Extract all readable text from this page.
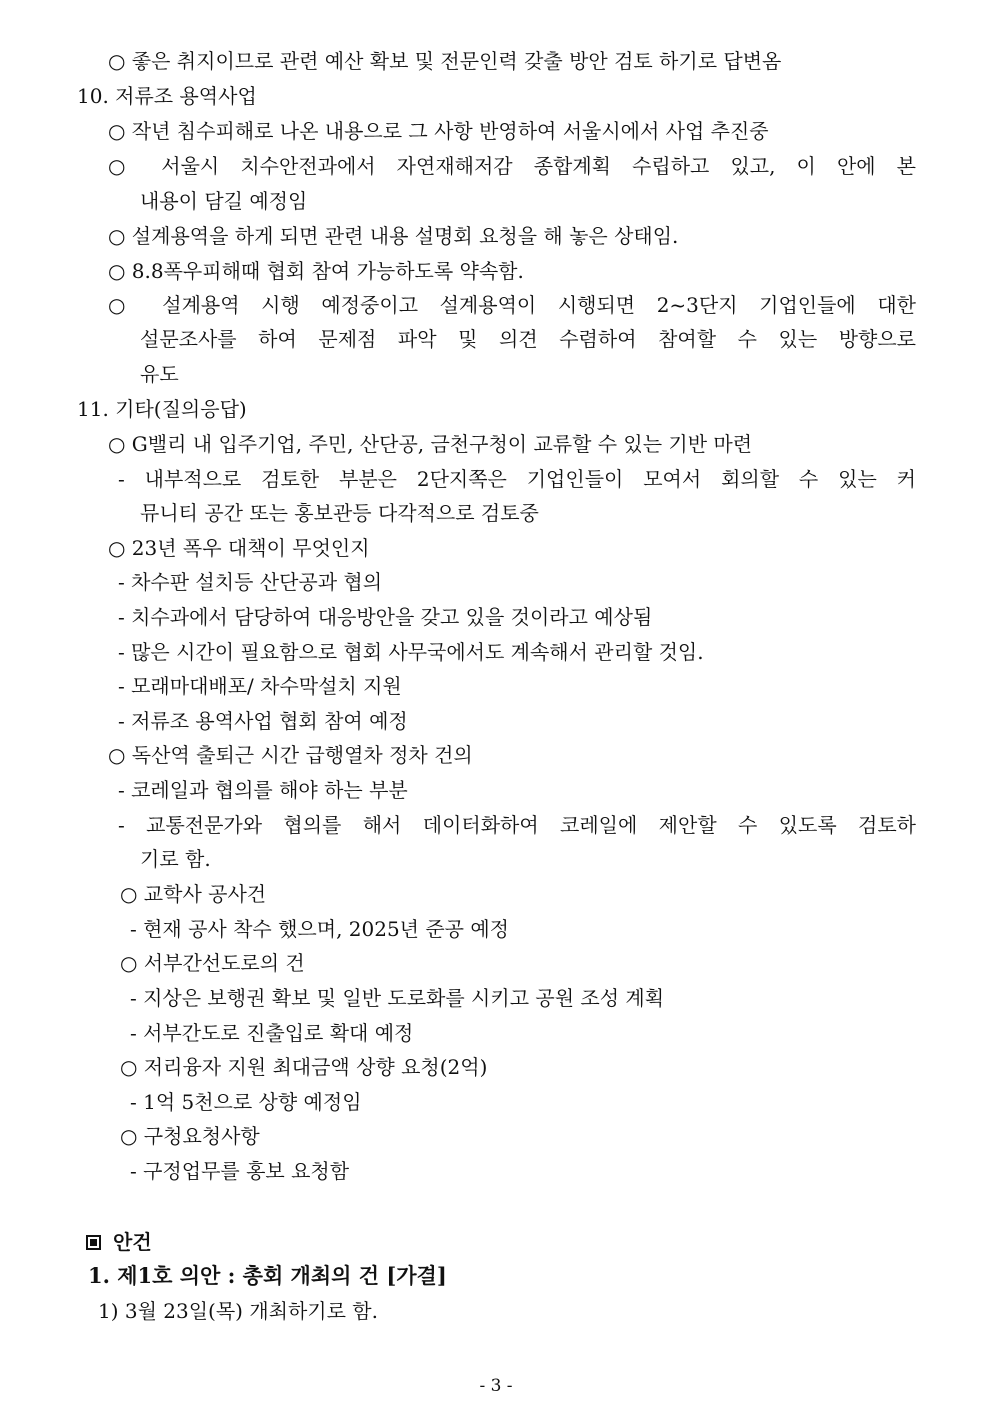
○ 좋은 취지이므로 관련 예산 확보 및 전문인력 갖출 방안 검토 하기로 답변옴
10. 저류조 용역사업
○ 작년 침수피해로 나온 내용으로 그 사항 반영하여 서울시에서 사업 추진중
○ 서울시 치수안전과에서 자연재해저감 종합계획 수립하고 있고, 이 안에 본
내용이 담길 예정임
○ 설계용역을 하게 되면 관련 내용 설명회 요청을 해 놓은 상태임.
○ 8.8폭우피해때 협회 참여 가능하도록 약속함.
○ 설계용역 시행 예정중이고 설계용역이 시행되면 2~3단지 기업인들에 대한
설문조사를 하여 문제점 파악 및 의견 수렴하여 참여할 수 있는 방향으로
유도
11. 기타(질의응답)
○ G밸리 내 입주기업, 주민, 산단공, 금천구청이 교류할 수 있는 기반 마련
- 내부적으로 검토한 부분은 2단지쪽은 기업인들이 모여서 회의할 수 있는 커
뮤니티 공간 또는 홍보관등 다각적으로 검토중
○ 23년 폭우 대책이 무엇인지
- 차수판 설치등 산단공과 협의
- 치수과에서 담당하여 대응방안을 갖고 있을 것이라고 예상됨
- 많은 시간이 필요함으로 협회 사무국에서도 계속해서 관리할 것임.
- 모래마대배포/ 차수막설치 지원
- 저류조 용역사업 협회 참여 예정
○ 독산역 출퇴근 시간 급행열차 정차 건의
- 코레일과 협의를 해야 하는 부분
- 교통전문가와 협의를 해서 데이터화하여 코레일에 제안할 수 있도록 검토하
기로 함.
○ 교학사 공사건
- 현재 공사 착수 했으며, 2025년 준공 예정
○ 서부간선도로의 건
- 지상은 보행권 확보 및 일반 도로화를 시키고 공원 조성 계획
- 서부간도로 진출입로 확대 예정
○ 저리융자 지원 최대금액 상향 요청(2억)
- 1억 5천으로 상향 예정임
○ 구청요청사항
- 구정업무를 홍보 요청함
안건
1. 제1호 의안 : 총회 개최의 건 [가결]
1) 3월 23일(목) 개최하기로 함.
- 3 -
